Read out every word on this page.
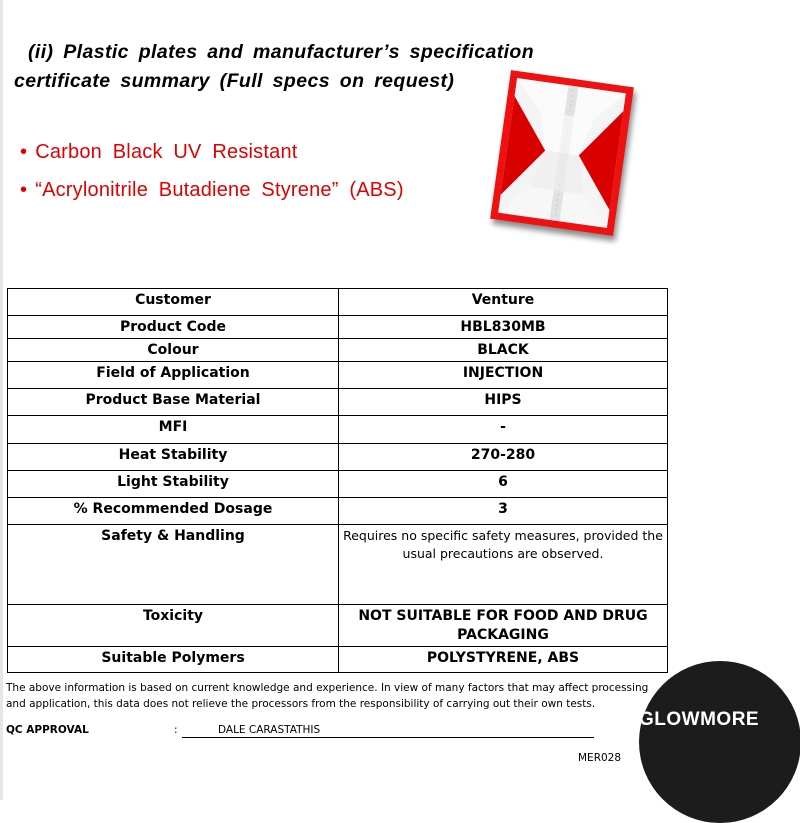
(ii) Plastic plates and manufacturer’s specification
certificate summary (Full specs on request)
• Carbon Black UV Resistant
• “Acrylonitrile Butadiene Styrene” (ABS)
Customer	Venture
Product Code	HBL830MB
Colour	BLACK
Field of Application	INJECTION
Product Base Material	HIPS
MFI	-
Heat Stability	270-280
Light Stability	6
% Recommended Dosage	3
Safety & Handling	Requires no specific safety measures, provided the usual precautions are observed.
Toxicity	NOT SUITABLE FOR FOOD AND DRUG PACKAGING
Suitable Polymers	POLYSTYRENE, ABS
The above information is based on current knowledge and experience. In view of many factors that may affect processing
and application, this data does not relieve the processors from the responsibility of carrying out their own tests.
QC APPROVAL	:	DALE CARASTATHIS
MER028
GLOWMORE
